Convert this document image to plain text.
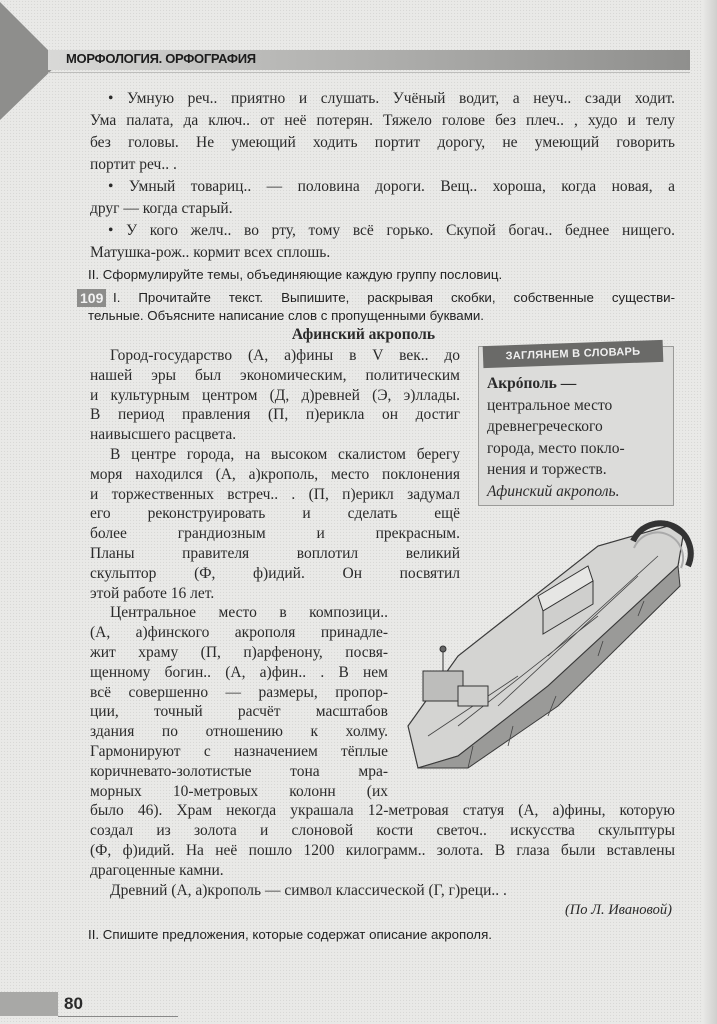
МОРФОЛОГИЯ. ОРФОГРАФИЯ
• Умную реч.. приятно и слушать. Учёный водит, а неуч.. сзади ходит.
Ума палата, да ключ.. от неё потерян. Тяжело голове без плеч.. , худо и телу
без головы. Не умеющий ходить портит дорогу, не умеющий говорить
портит реч.. .
• Умный товариц.. — половина дороги. Вещ.. хороша, когда новая, а
друг — когда старый.
• У кого желч.. во рту, тому всё горько. Скупой богач.. беднее нищего.
Матушка-рож.. кормит всех сплошь.
II. Сформулируйте темы, объединяющие каждую группу пословиц.
I. Прочитайте текст. Выпишите, раскрывая скобки, собственные существи-
тельные. Объясните написание слов с пропущенными буквами.
Город-государство (А, а)фины в V век.. до
нашей эры был экономическим, политическим
и культурным центром (Д, д)ревней (Э, э)ллады.
В период правления (П, п)ерикла он достиг
наивысшего расцвета.
В центре города, на высоком скалистом берегу
моря находился (А, а)крополь, место поклонения
и торжественных встреч.. . (П, п)ерикл задумал
его реконструировать и сделать ещё
более грандиозным и прекрасным.
Планы правителя воплотил великий
скульптор (Ф, ф)идий. Он посвятил
этой работе 16 лет.
Центральное место в композици..
(А, а)финского акрополя принадле-
жит храму (П, п)арфенону, посвя-
щенному богин.. (А, а)фин.. . В нем
всё совершенно — размеры, пропор-
ции, точный расчёт масштабов
здания по отношению к холму.
Гармонируют с назначением тёплые
коричневато-золотистые тона мра-
морных 10-метровых колонн (их
было 46). Храм некогда украшала 12-метровая статуя (А, а)фины, которую
создал из золота и слоновой кости светоч.. искусства скульптуры
(Ф, ф)идий. На неё пошло 1200 килограмм.. золота. В глаза были вставлены
драгоценные камни.
Древний (А, а)кр​ополь — символ классической (Г, г)реци.. .
II. Спишите предложения, которые содержат описание акрополя.
109
Афинский акрополь
ЗАГЛЯНЕМ В СЛОВАРЬ
Акрóполь —
центральное место
древнегреческого
города, место покло-
нения и торжеств.
Афинский акрополь.
(По Л. Ивановой)
80
